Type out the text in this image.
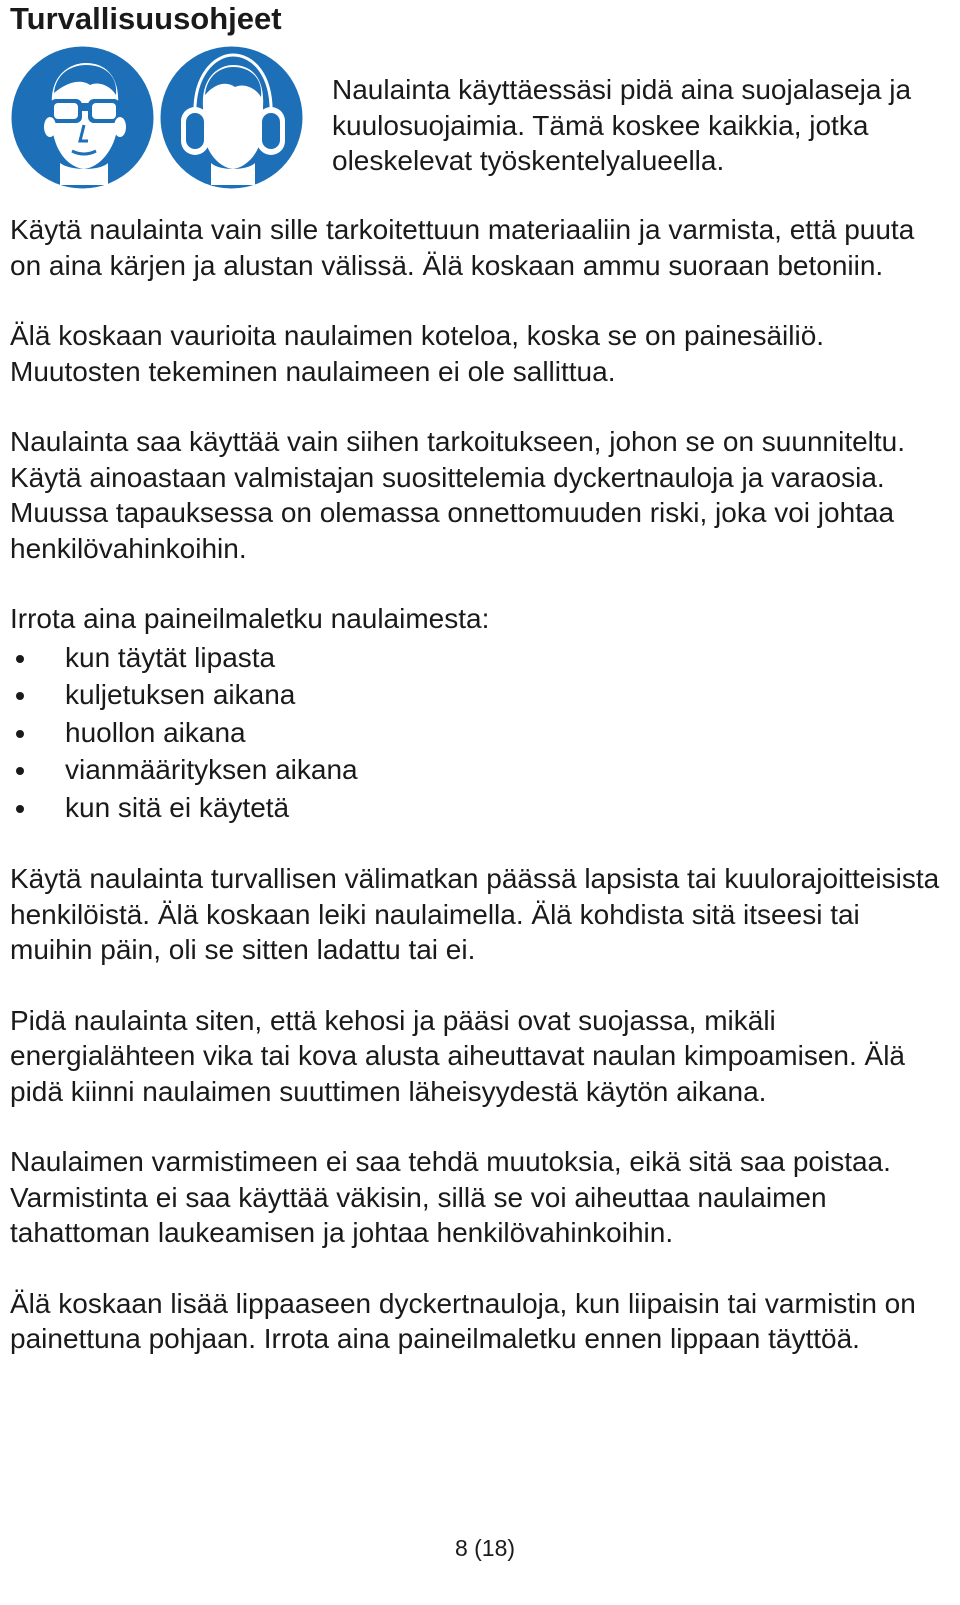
Turvallisuusohjeet

Naulainta käyttäessäsi pidä aina suojalaseja ja kuulosuojaimia. Tämä koskee kaikkia, jotka oleskelevat työskentelyalueella.

Käytä naulainta vain sille tarkoitettuun materiaaliin ja varmista, että puuta on aina kärjen ja alustan välissä. Älä koskaan ammu suoraan betoniin.

Älä koskaan vaurioita naulaimen koteloa, koska se on painesäiliö. Muutosten tekeminen naulaimeen ei ole sallittua.

Naulainta saa käyttää vain siihen tarkoitukseen, johon se on suunniteltu. Käytä ainoastaan valmistajan suosittelemia dyckertnauloja ja varaosia. Muussa tapauksessa on olemassa onnettomuuden riski, joka voi johtaa henkilövahinkoihin.

Irrota aina paineilmaletku naulaimesta:

kun täytät lipasta
kuljetuksen aikana
huollon aikana
vianmäärityksen aikana
kun sitä ei käytetä

Käytä naulainta turvallisen välimatkan päässä lapsista tai kuulorajoitteisista henkilöistä. Älä koskaan leiki naulaimella. Älä kohdista sitä itseesi tai muihin päin, oli se sitten ladattu tai ei.

Pidä naulainta siten, että kehosi ja pääsi ovat suojassa, mikäli energialähteen vika tai kova alusta aiheuttavat naulan kimpoamisen. Älä pidä kiinni naulaimen suuttimen läheisyydestä käytön aikana.

Naulaimen varmistimeen ei saa tehdä muutoksia, eikä sitä saa poistaa. Varmistinta ei saa käyttää väkisin, sillä se voi aiheuttaa naulaimen tahattoman laukeamisen ja johtaa henkilövahinkoihin.

Älä koskaan lisää lippaaseen dyckertnauloja, kun liipaisin tai varmistin on painettuna pohjaan. Irrota aina paineilmaletku ennen lippaan täyttöä.

8 (18)
